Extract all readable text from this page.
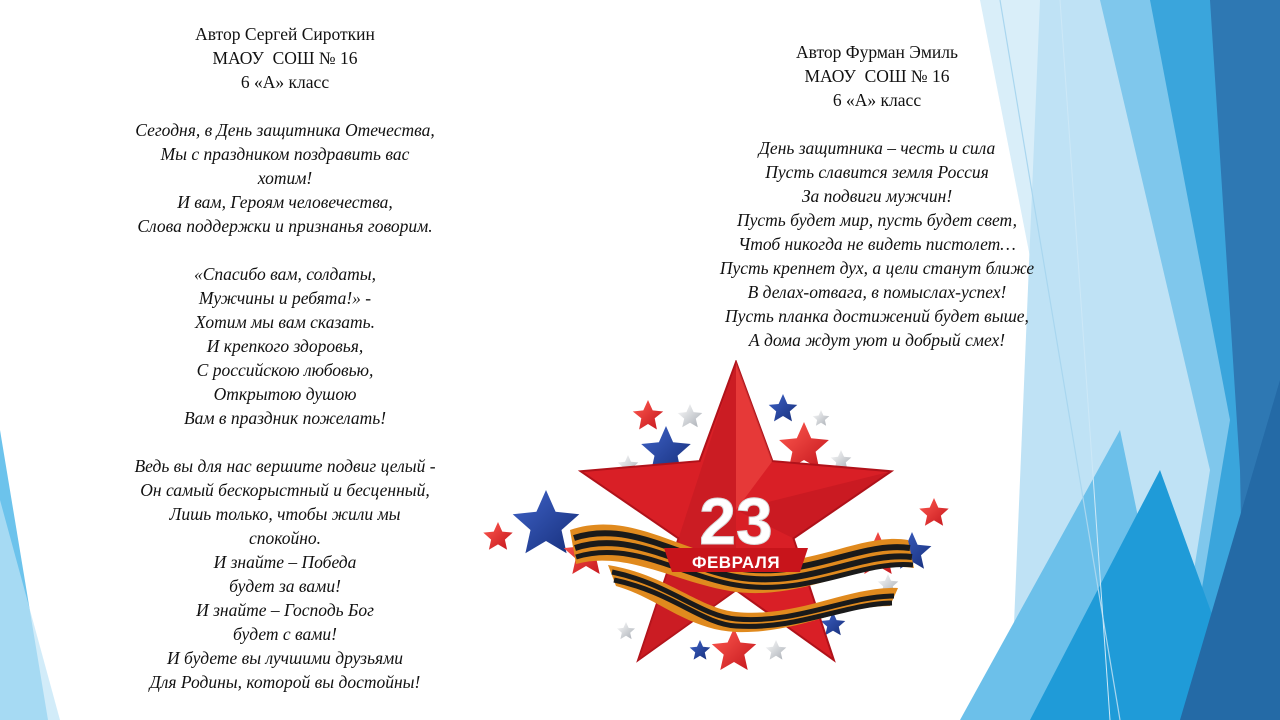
Автор Сергей Сироткин
МАОУ  СОШ № 16
6 «А» класс
Сегодня, в День защитника Отечества,
Мы с праздником поздравить вас
хотим!
И вам, Героям человечества,
Слова поддержки и признанья говорим.
«Спасибо вам, солдаты,
Мужчины и ребята!» -
Хотим мы вам сказать.
И крепкого здоровья,
С российскою любовью,
Открытою душою
Вам в праздник пожелать!
Ведь вы для нас вершите подвиг целый -
Он самый бескорыстный и бесценный,
Лишь только, чтобы жили мы
спокойно.
И знайте – Победа
будет за вами!
И знайте – Господь Бог
будет с вами!
И будете вы лучшими друзьями
Для Родины, которой вы достойны!
Автор Фурман Эмиль
МАОУ  СОШ № 16
6 «А» класс
День защитника – честь и сила
Пусть славится земля Россия
За подвиги мужчин!
Пусть будет мир, пусть будет свет,
Чтоб никогда не видеть пистолет…
Пусть крепнет дух, а цели станут ближе
В делах-отвага, в помыслах-успех!
Пусть планка достижений будет выше,
А дома ждут уют и добрый смех!
23
ФЕВРАЛЯ
